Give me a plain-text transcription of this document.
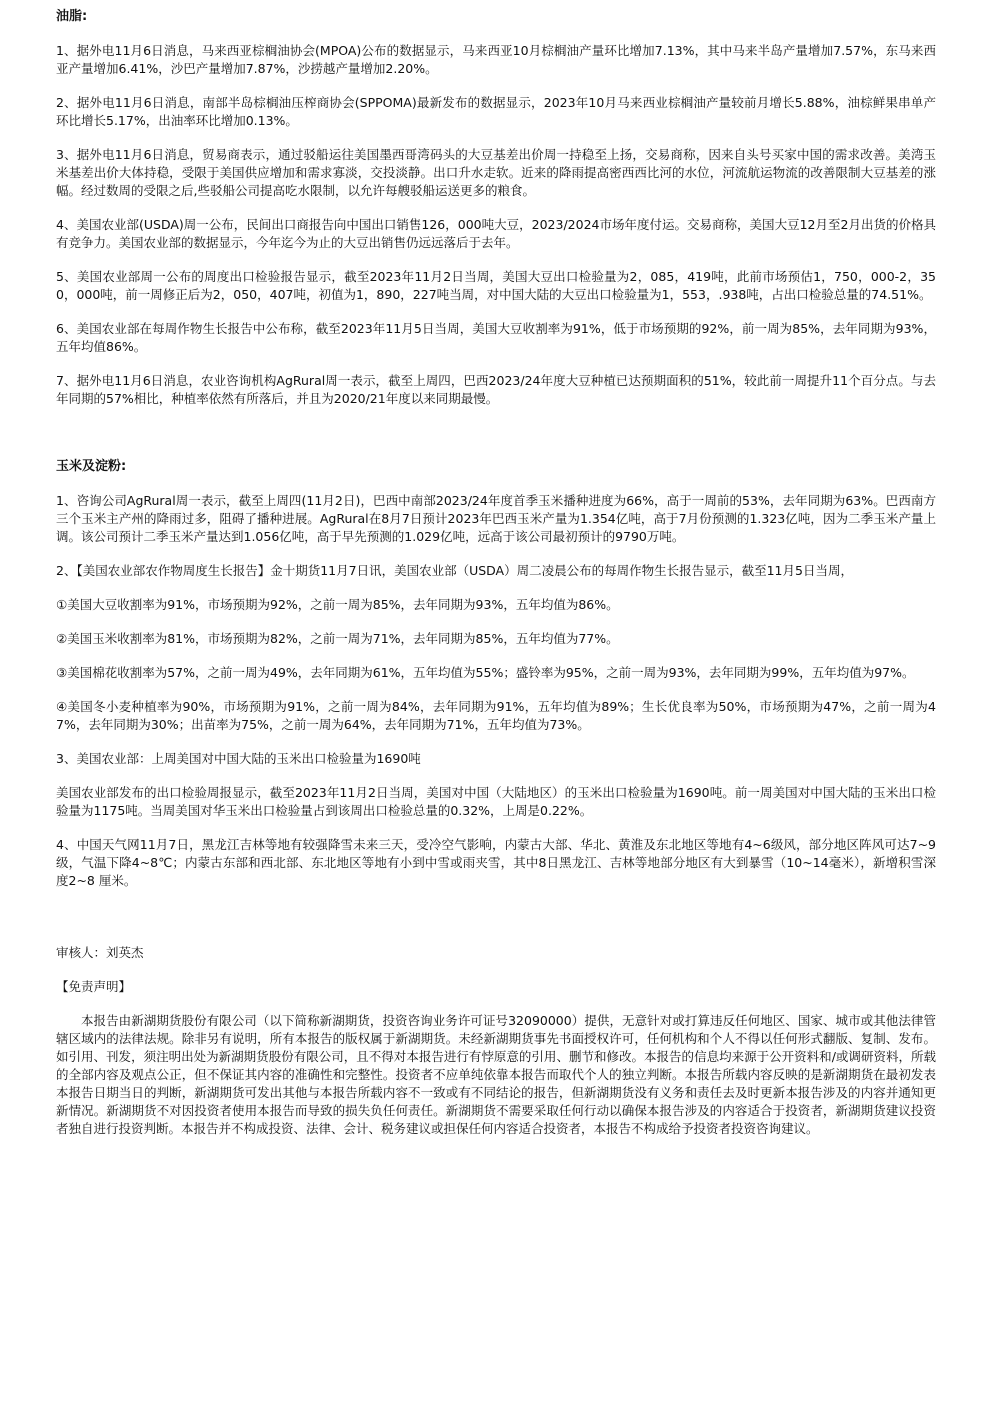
油脂:

1、据外电11月6日消息，马来西亚棕榈油协会(MPOA)公布的数据显示，马来西亚10月棕榈油产量环比增加7.13%，其中马来半岛产量增加7.57%，东马来西亚产量增加6.41%，沙巴产量增加7.87%，沙捞越产量增加2.20%。

2、据外电11月6日消息，南部半岛棕榈油压榨商协会(SPPOMA)最新发布的数据显示，2023年10月马来西业棕榈油产量较前月增长5.88%，油棕鲜果串单产环比增长5.17%，出油率环比增加0.13%。

3、据外电11月6日消息，贸易商表示，通过驳船运往美国墨西哥湾码头的大豆基差出价周一持稳至上扬，交易商称，因来自头号买家中国的需求改善。美湾玉米基差出价大体持稳，受限于美国供应增加和需求寡淡，交投淡静。出口升水走软。近来的降雨提高密西西比河的水位，河流航运物流的改善限制大豆基差的涨幅。经过数周的受限之后,些驳船公司提高吃水限制，以允许每艘驳船运送更多的粮食。

4、美国农业部(USDA)周一公布，民间出口商报告向中国出口销售126，000吨大豆，2023/2024市场年度付运。交易商称，美国大豆12月至2月出货的价格具有竞争力。美国农业部的数据显示，今年迄今为止的大豆出销售仍远远落后于去年。

5、美国农业部周一公布的周度出口检验报告显示，截至2023年11月2日当周，美国大豆出口检验量为2，085，419吨，此前市场预估1，750，000-2，350，000吨，前一周修正后为2，050，407吨，初值为1，890，227吨当周，对中国大陆的大豆出口检验量为1，553，.938吨，占出口检验总量的74.51%。

6、美国农业部在每周作物生长报告中公布称，截至2023年11月5日当周，美国大豆收割率为91%，低于市场预期的92%，前一周为85%，去年同期为93%，五年均值86%。

7、据外电11月6日消息，农业咨询机构AgRural周一表示，截至上周四，巴西2023/24年度大豆种植已达预期面积的51%，较此前一周提升11个百分点。与去年同期的57%相比，种植率依然有所落后，并且为2020/21年度以来同期最慢。

玉米及淀粉:

1、咨询公司AgRural周一表示，截至上周四(11月2日)，巴西中南部2023/24年度首季玉米播种进度为66%，高于一周前的53%，去年同期为63%。巴西南方三个玉米主产州的降雨过多，阻碍了播种进展。AgRural在8月7日预计2023年巴西玉米产量为1.354亿吨，高于7月份预测的1.323亿吨，因为二季玉米产量上调。该公司预计二季玉米产量达到1.056亿吨，高于早先预测的1.029亿吨，远高于该公司最初预计的9790万吨。

2、【美国农业部农作物周度生长报告】金十期货11月7日讯，美国农业部（USDA）周二凌晨公布的每周作物生长报告显示，截至11月5日当周，

①美国大豆收割率为91%，市场预期为92%，之前一周为85%，去年同期为93%，五年均值为86%。

②美国玉米收割率为81%，市场预期为82%，之前一周为71%，去年同期为85%，五年均值为77%。

③美国棉花收割率为57%，之前一周为49%，去年同期为61%，五年均值为55%；盛铃率为95%，之前一周为93%，去年同期为99%，五年均值为97%。

④美国冬小麦种植率为90%，市场预期为91%，之前一周为84%，去年同期为91%，五年均值为89%；生长优良率为50%，市场预期为47%，之前一周为47%，去年同期为30%；出苗率为75%，之前一周为64%，去年同期为71%，五年均值为73%。

3、美国农业部：上周美国对中国大陆的玉米出口检验量为1690吨

美国农业部发布的出口检验周报显示，截至2023年11月2日当周，美国对中国（大陆地区）的玉米出口检验量为1690吨。前一周美国对中国大陆的玉米出口检验量为1175吨。当周美国对华玉米出口检验量占到该周出口检验总量的0.32%，上周是0.22%。

4、中国天气网11月7日，黑龙江吉林等地有较强降雪未来三天，受冷空气影响，内蒙古大部、华北、黄淮及东北地区等地有4~6级风，部分地区阵风可达7~9级，气温下降4~8℃；内蒙古东部和西北部、东北地区等地有小到中雪或雨夹雪，其中8日黑龙江、吉林等地部分地区有大到暴雪（10~14毫米），新增积雪深度2~8 厘米。

审核人：刘英杰
【免责声明】

本报告由新湖期货股份有限公司（以下简称新湖期货，投资咨询业务许可证号32090000）提供，无意针对或打算违反任何地区、国家、城市或其他法律管辖区域内的法律法规。除非另有说明，所有本报告的版权属于新湖期货。未经新湖期货事先书面授权许可，任何机构和个人不得以任何形式翻版、复制、发布。如引用、刊发，须注明出处为新湖期货股份有限公司，且不得对本报告进行有悖原意的引用、删节和修改。本报告的信息均来源于公开资料和/或调研资料，所载的全部内容及观点公正，但不保证其内容的准确性和完整性。投资者不应单纯依靠本报告而取代个人的独立判断。本报告所载内容反映的是新湖期货在最初发表本报告日期当日的判断，新湖期货可发出其他与本报告所载内容不一致或有不同结论的报告，但新湖期货没有义务和责任去及时更新本报告涉及的内容并通知更新情况。新湖期货不对因投资者使用本报告而导致的损失负任何责任。新湖期货不需要采取任何行动以确保本报告涉及的内容适合于投资者，新湖期货建议投资者独自进行投资判断。本报告并不构成投资、法律、会计、税务建议或担保任何内容适合投资者，本报告不构成给予投资者投资咨询建议。
